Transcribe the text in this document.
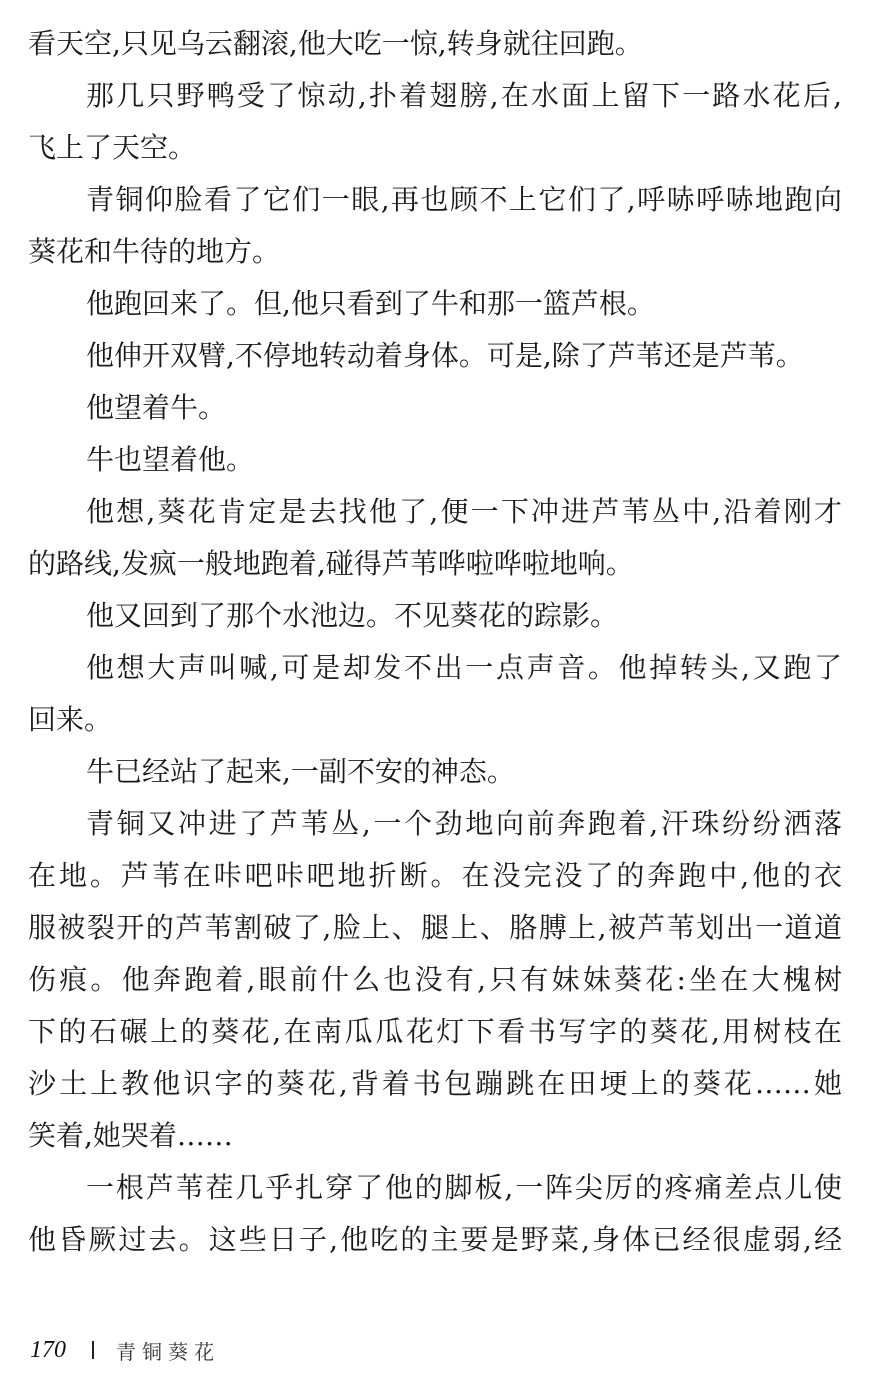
看天空,只见乌云翻滚,他大吃一惊,转身就往回跑。
那几只野鸭受了惊动,扑着翅膀,在水面上留下一路水花后,
飞上了天空。
青铜仰脸看了它们一眼,再也顾不上它们了,呼哧呼哧地跑向
葵花和牛待的地方。
他跑回来了。但,他只看到了牛和那一篮芦根。
他伸开双臂,不停地转动着身体。可是,除了芦苇还是芦苇。
他望着牛。
牛也望着他。
他想,葵花肯定是去找他了,便一下冲进芦苇丛中,沿着刚才
的路线,发疯一般地跑着,碰得芦苇哗啦哗啦地响。
他又回到了那个水池边。不见葵花的踪影。
他想大声叫喊,可是却发不出一点声音。他掉转头,又跑了
回来。
牛已经站了起来,一副不安的神态。
青铜又冲进了芦苇丛,一个劲地向前奔跑着,汗珠纷纷洒落
在地。芦苇在咔吧咔吧地折断。在没完没了的奔跑中,他的衣
服被裂开的芦苇割破了,脸上、腿上、胳膊上,被芦苇划出一道道
伤痕。他奔跑着,眼前什么也没有,只有妹妹葵花:坐在大槐树
下的石碾上的葵花,在南瓜瓜花灯下看书写字的葵花,用树枝在
沙土上教他识字的葵花,背着书包蹦跳在田埂上的葵花……她
笑着,她哭着……
一根芦苇茬几乎扎穿了他的脚板,一阵尖厉的疼痛差点儿使
他昏厥过去。这些日子,他吃的主要是野菜,身体已经很虚弱,经
170	青铜葵花
